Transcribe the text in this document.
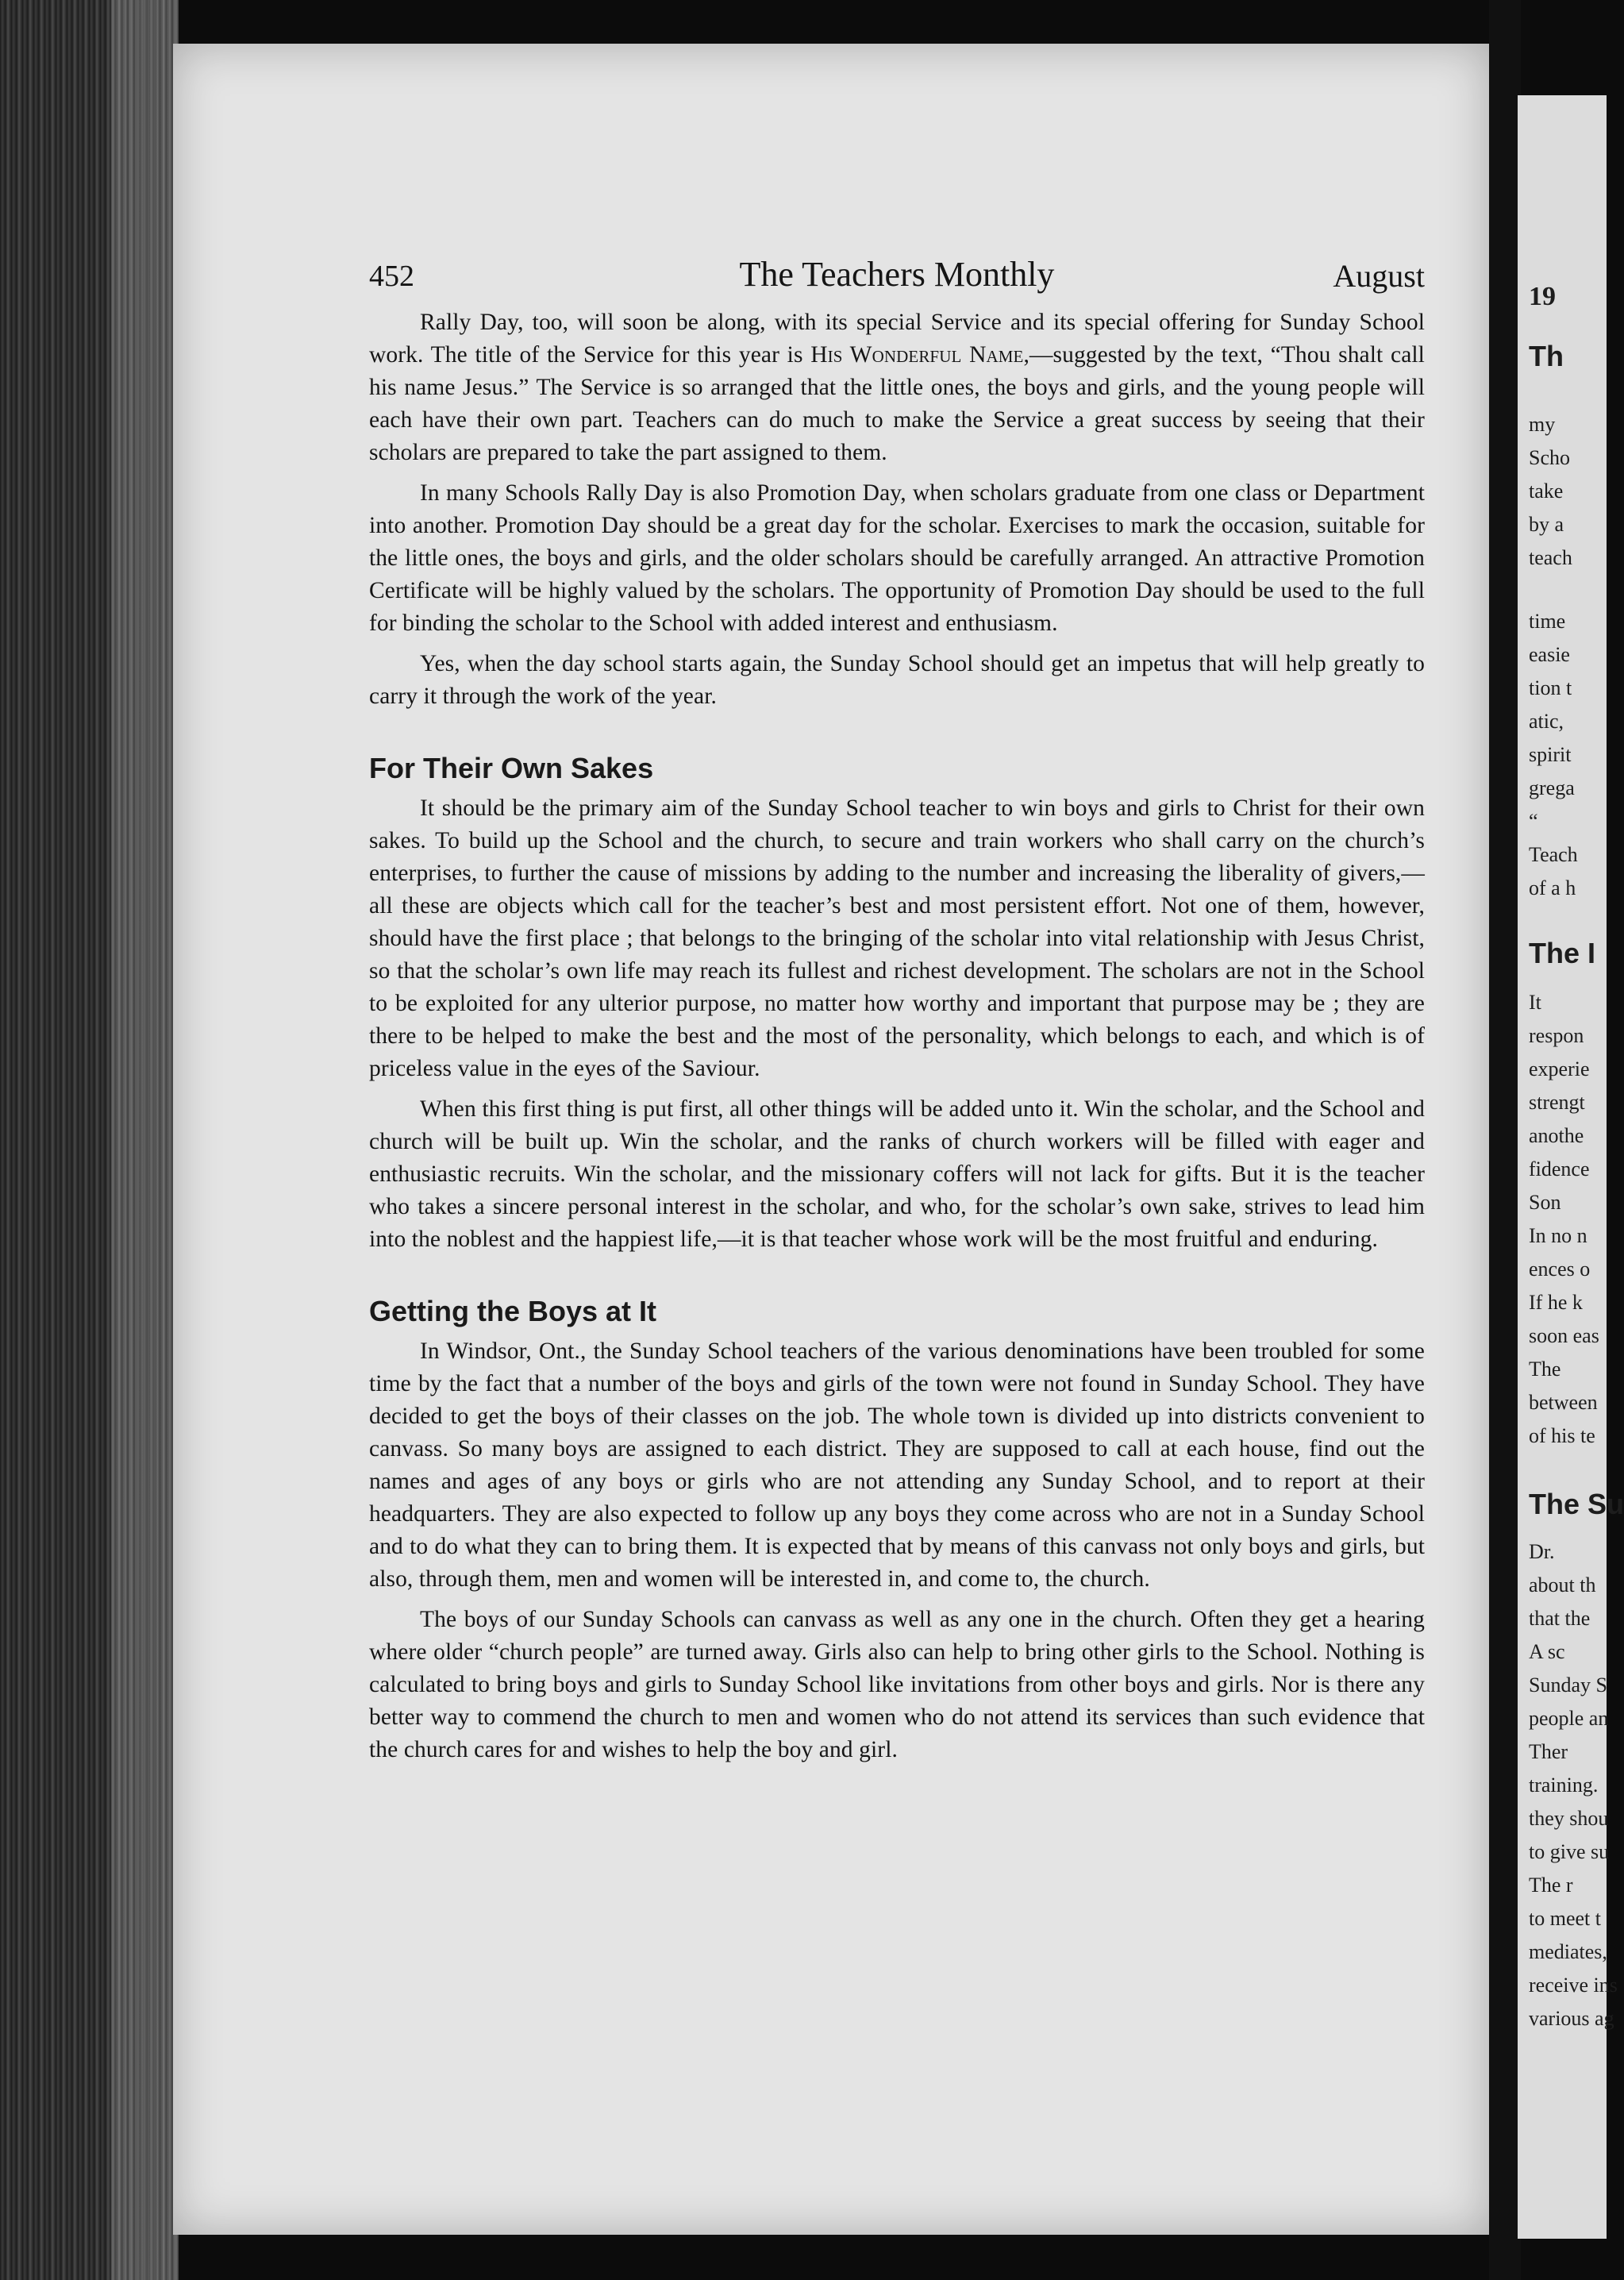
19
Th
my
Scho
take
by a
teach
time
easie
tion t
atic,
spirit
grega
“
Teach
of a h
The I
It
respon
experie
strengt
anothe
fidence
Son
In no n
ences o
If he k
soon eas
The
between
of his te
The Su
Dr.
about th
that the
A sc
Sunday S
people an
Ther
training.
they shou
to give su
The r
to meet t
mediates,
receive ins
various ag
452	The Teachers Monthly	August

Rally Day, too, will soon be along, with its special Service and its special offering for Sunday School work. The title of the Service for this year is His Wonderful Name,—suggested by the text, “Thou shalt call his name Jesus.” The Service is so arranged that the little ones, the boys and girls, and the young people will each have their own part. Teachers can do much to make the Service a great success by seeing that their scholars are prepared to take the part assigned to them.

In many Schools Rally Day is also Promotion Day, when scholars graduate from one class or Department into another. Promotion Day should be a great day for the scholar. Exercises to mark the occasion, suitable for the little ones, the boys and girls, and the older scholars should be carefully arranged. An attractive Promotion Certificate will be highly valued by the scholars. The opportunity of Promotion Day should be used to the full for binding the scholar to the School with added interest and enthusiasm.

Yes, when the day school starts again, the Sunday School should get an impetus that will help greatly to carry it through the work of the year.

For Their Own Sakes

It should be the primary aim of the Sunday School teacher to win boys and girls to Christ for their own sakes. To build up the School and the church, to secure and train workers who shall carry on the church’s enterprises, to further the cause of missions by adding to the number and increasing the liberality of givers,—all these are objects which call for the teacher’s best and most persistent effort. Not one of them, however, should have the first place ; that belongs to the bringing of the scholar into vital relationship with Jesus Christ, so that the scholar’s own life may reach its fullest and richest development. The scholars are not in the School to be exploited for any ulterior purpose, no matter how worthy and important that purpose may be ; they are there to be helped to make the best and the most of the personality, which belongs to each, and which is of priceless value in the eyes of the Saviour.

When this first thing is put first, all other things will be added unto it. Win the scholar, and the School and church will be built up. Win the scholar, and the ranks of church workers will be filled with eager and enthusiastic recruits. Win the scholar, and the missionary coffers will not lack for gifts. But it is the teacher who takes a sincere personal interest in the scholar, and who, for the scholar’s own sake, strives to lead him into the noblest and the happiest life,—it is that teacher whose work will be the most fruitful and enduring.

Getting the Boys at It

In Windsor, Ont., the Sunday School teachers of the various denominations have been troubled for some time by the fact that a number of the boys and girls of the town were not found in Sunday School. They have decided to get the boys of their classes on the job. The whole town is divided up into districts convenient to canvass. So many boys are assigned to each district. They are supposed to call at each house, find out the names and ages of any boys or girls who are not attending any Sunday School, and to report at their headquarters. They are also expected to follow up any boys they come across who are not in a Sunday School and to do what they can to bring them. It is expected that by means of this canvass not only boys and girls, but also, through them, men and women will be interested in, and come to, the church.

The boys of our Sunday Schools can canvass as well as any one in the church. Often they get a hearing where older “church people” are turned away. Girls also can help to bring other girls to the School. Nothing is calculated to bring boys and girls to Sunday School like invitations from other boys and girls. Nor is there any better way to commend the church to men and women who do not attend its services than such evidence that the church cares for and wishes to help the boy and girl.
